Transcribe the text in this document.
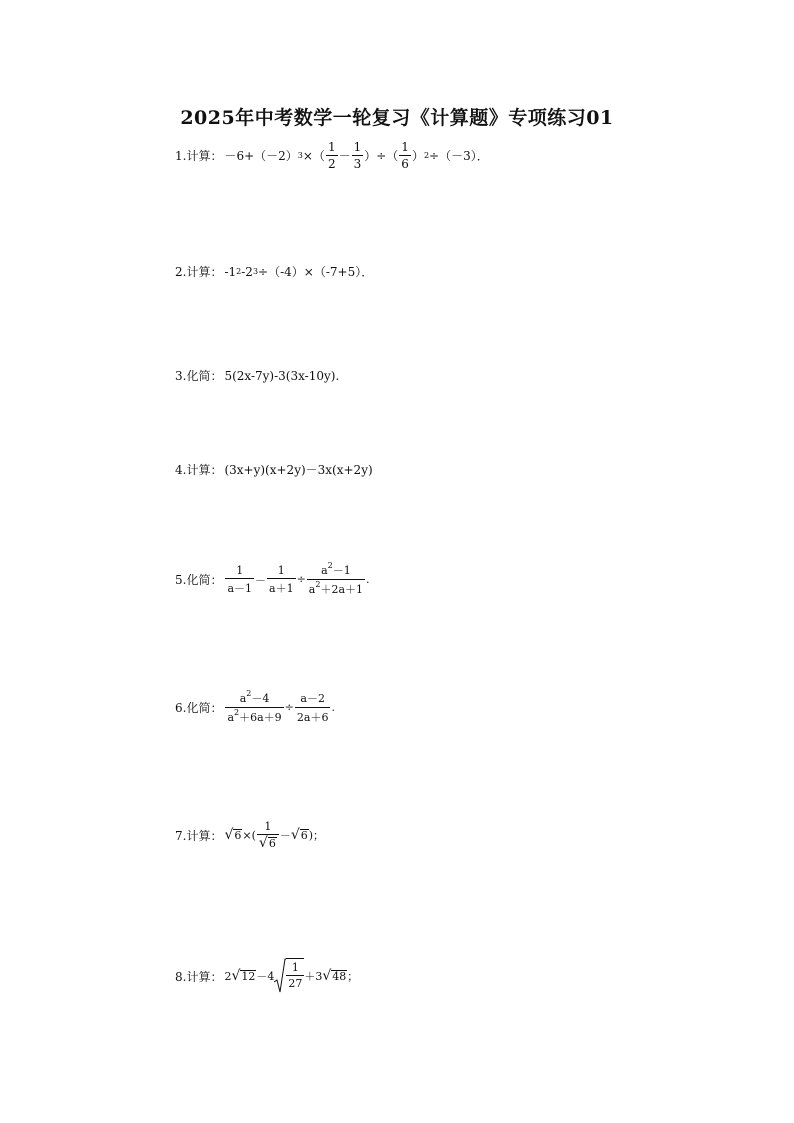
2025年中考数学一轮复习《计算题》专项练习01
1.计算： －6+（－2） 3 ×（ $\frac{1}{2} - \frac{1}{3}$ ）÷（ $\frac{1}{6}$ ） 2 ÷（－3）．
2.计算： -1 2 -2 3 ÷（-4）×（-7+5）．
3.化简： 5(2x-7y)-3(3x-10y).
4.计算： (3x+y)(x+2y)－3x(x+2y)
5.化简： $\frac{1}{a-1} - \frac{1}{a+1} \div \frac{a^2-1}{a^2+2a+1}$ .
6.化简： $\frac{a^2-4}{a^2+6a+9} \div \frac{a-2}{2a+6}$ .
7.计算： √ 6 ×( $\frac{1}{√ 6}$ － √ 6 )；
8.计算： 2 √ $12 -4 \frac{1}{27} +3$ √ 48 ；
